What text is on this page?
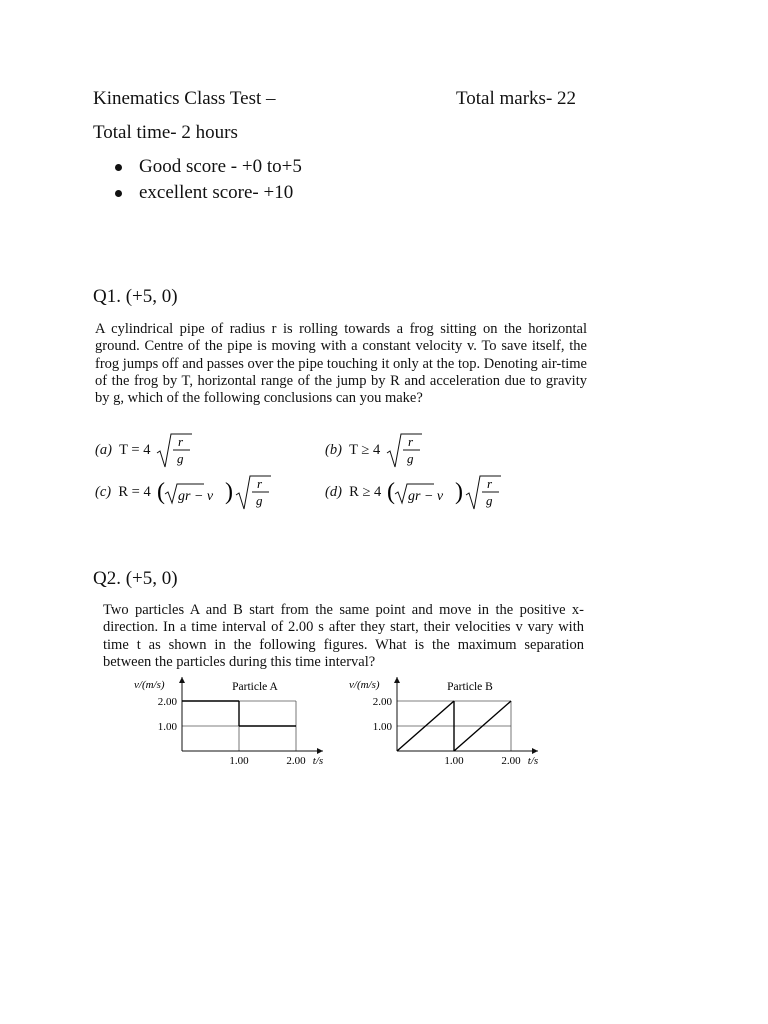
Kinematics Class Test –	Total marks- 22
Total time- 2 hours
Good score - +0 to+5
excellent score- +10
Q1. (+5, 0)
A cylindrical pipe of radius r is rolling towards a frog sitting on the horizontal ground. Centre of the pipe is moving with a constant velocity v. To save itself, the frog jumps off and passes over the pipe touching it only at the top. Denoting air-time of the frog by T, horizontal range of the jump by R and acceleration due to gravity by g, which of the following conclusions can you make?
(a) T = 4 r
g
(b) T ≥ 4 r
g
(c) R = 4 ( gr − v ) r
g
(d) R ≥ 4 ( gr − v ) r
g
Q2. (+5, 0)
Two particles A and B start from the same point and move in the positive x-direction. In a time interval of 2.00 s after they start, their velocities v vary with time t as shown in the following figures. What is the maximum separation between the particles during this time interval?
v/(m/s)	Particle A
2.00
1.00
1.00	2.00 t/s
v/(m/s)	Particle B
2.00
1.00
1.00	2.00 t/s
